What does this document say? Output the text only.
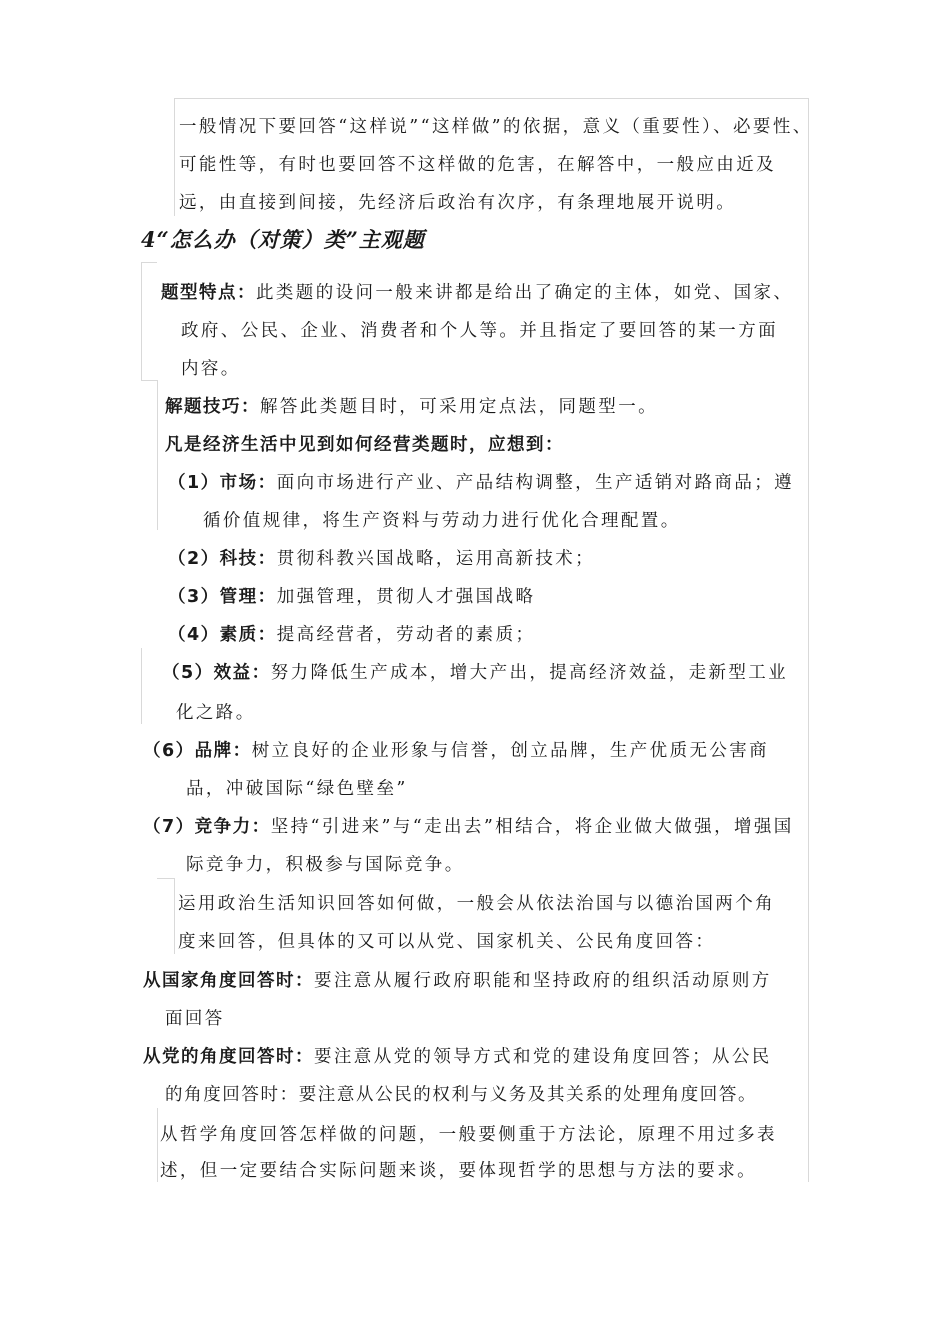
一般情况下要回答“这样说”“这样做”的依据，意义（重要性）、必要性、
可能性等，有时也要回答不这样做的危害，在解答中，一般应由近及
远，由直接到间接，先经济后政治有次序，有条理地展开说明。
4“怎么办（对策）类”主观题
题型特点：此类题的设问一般来讲都是给出了确定的主体，如党、国家、
政府、公民、企业、消费者和个人等。并且指定了要回答的某一方面
内容。
解题技巧：解答此类题目时，可采用定点法，同题型一。
凡是经济生活中见到如何经营类题时，应想到：
（1）市场：面向市场进行产业、产品结构调整，生产适销对路商品；遵
循价值规律，将生产资料与劳动力进行优化合理配置。
（2）科技：贯彻科教兴国战略，运用高新技术；
（3）管理：加强管理，贯彻人才强国战略
（4）素质：提高经营者，劳动者的素质；
（5）效益：努力降低生产成本，增大产出，提高经济效益，走新型工业
化之路。
（6）品牌：树立良好的企业形象与信誉，创立品牌，生产优质无公害商
品，冲破国际“绿色壁垒”
（7）竞争力：坚持“引进来”与“走出去”相结合，将企业做大做强，增强国
际竞争力，积极参与国际竞争。
运用政治生活知识回答如何做，一般会从依法治国与以德治国两个角
度来回答，但具体的又可以从党、国家机关、公民角度回答：
从国家角度回答时：要注意从履行政府职能和坚持政府的组织活动原则方
面回答
从党的角度回答时：要注意从党的领导方式和党的建设角度回答；从公民
的角度回答时：要注意从公民的权利与义务及其关系的处理角度回答。
从哲学角度回答怎样做的问题，一般要侧重于方法论，原理不用过多表
述，但一定要结合实际问题来谈，要体现哲学的思想与方法的要求。
